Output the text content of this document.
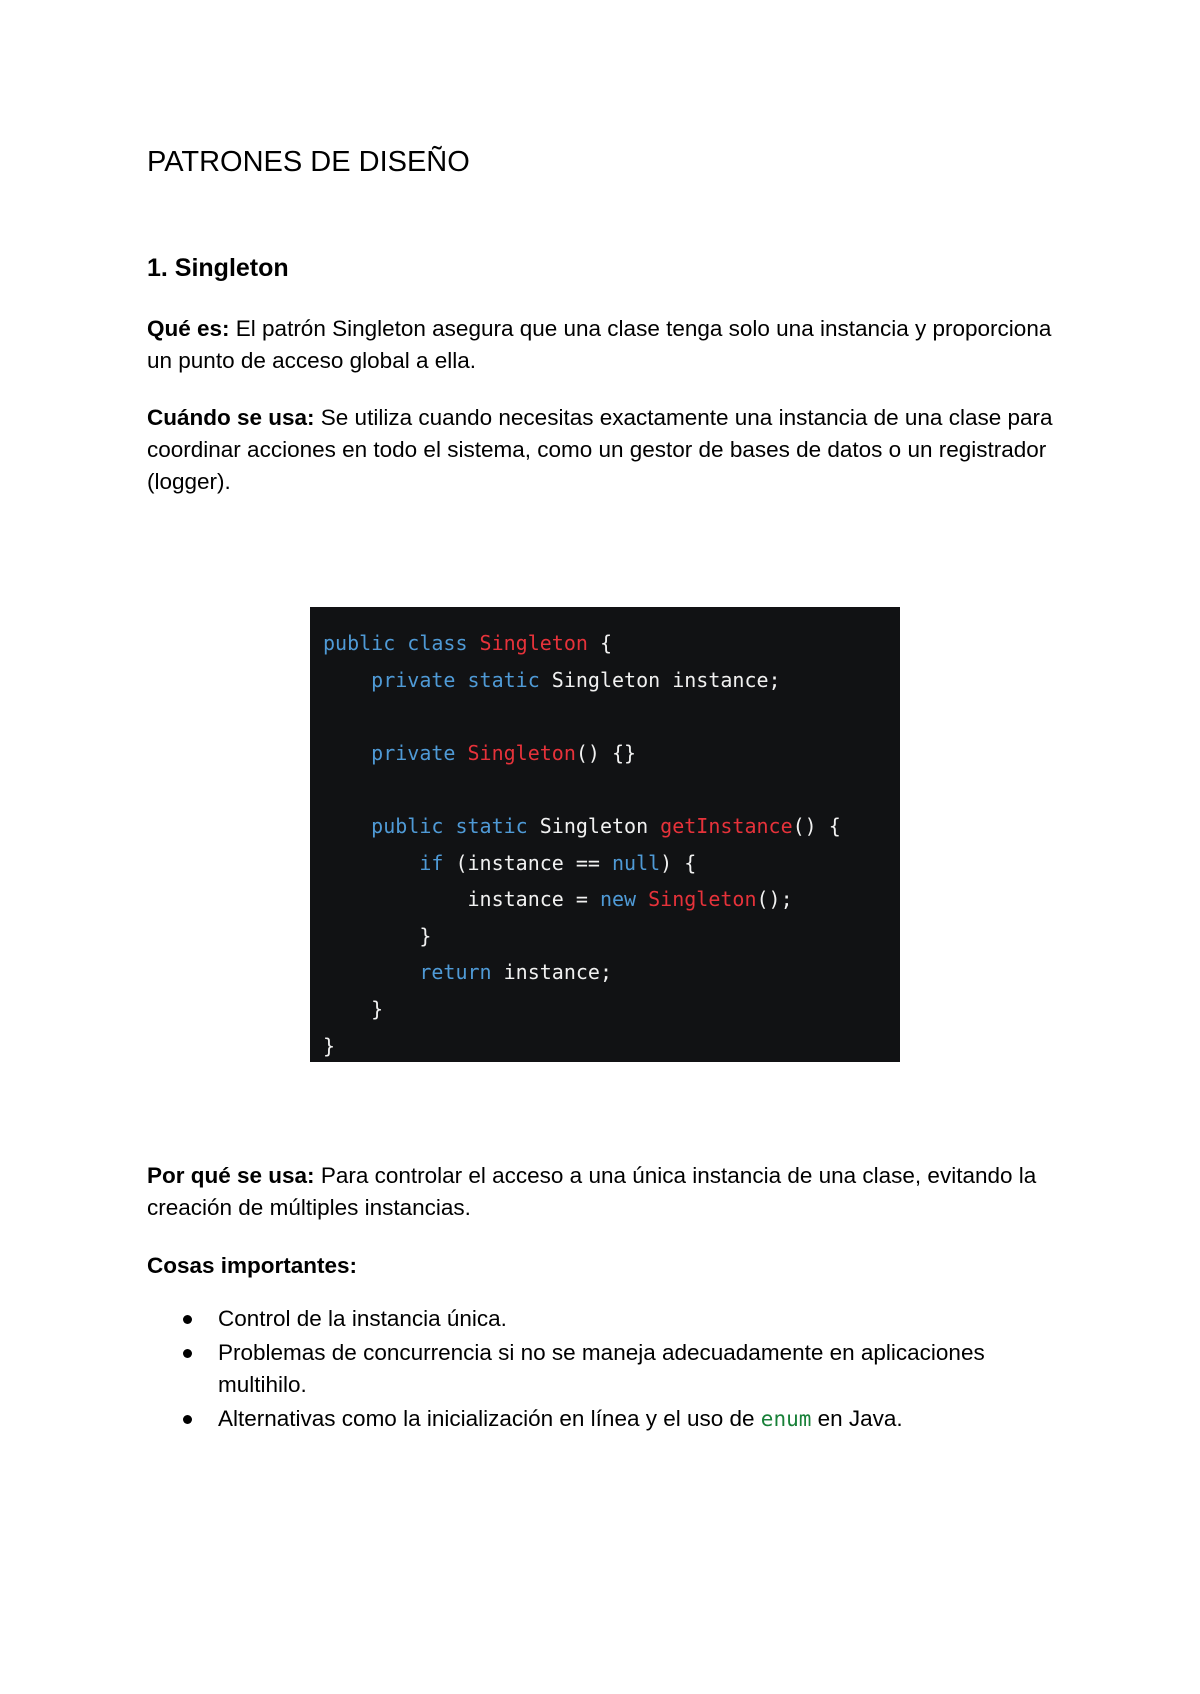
PATRONES DE DISEÑO
1. Singleton

Qué es: El patrón Singleton asegura que una clase tenga solo una instancia y proporciona un punto de acceso global a ella.

Cuándo se usa: Se utiliza cuando necesitas exactamente una instancia de una clase para coordinar acciones en todo el sistema, como un gestor de bases de datos o un registrador (logger).

Por qué se usa: Para controlar el acceso a una única instancia de una clase, evitando la creación de múltiples instancias.

Cosas importantes:

Control de la instancia única.
Problemas de concurrencia si no se maneja adecuadamente en aplicaciones multihilo.
Alternativas como la inicialización en línea y el uso de enum en Java.
public class Singleton {
private static Singleton instance;
private Singleton() {}
public static Singleton getInstance() {
if (instance == null) {
instance = new Singleton();
}
return instance;
}
}
